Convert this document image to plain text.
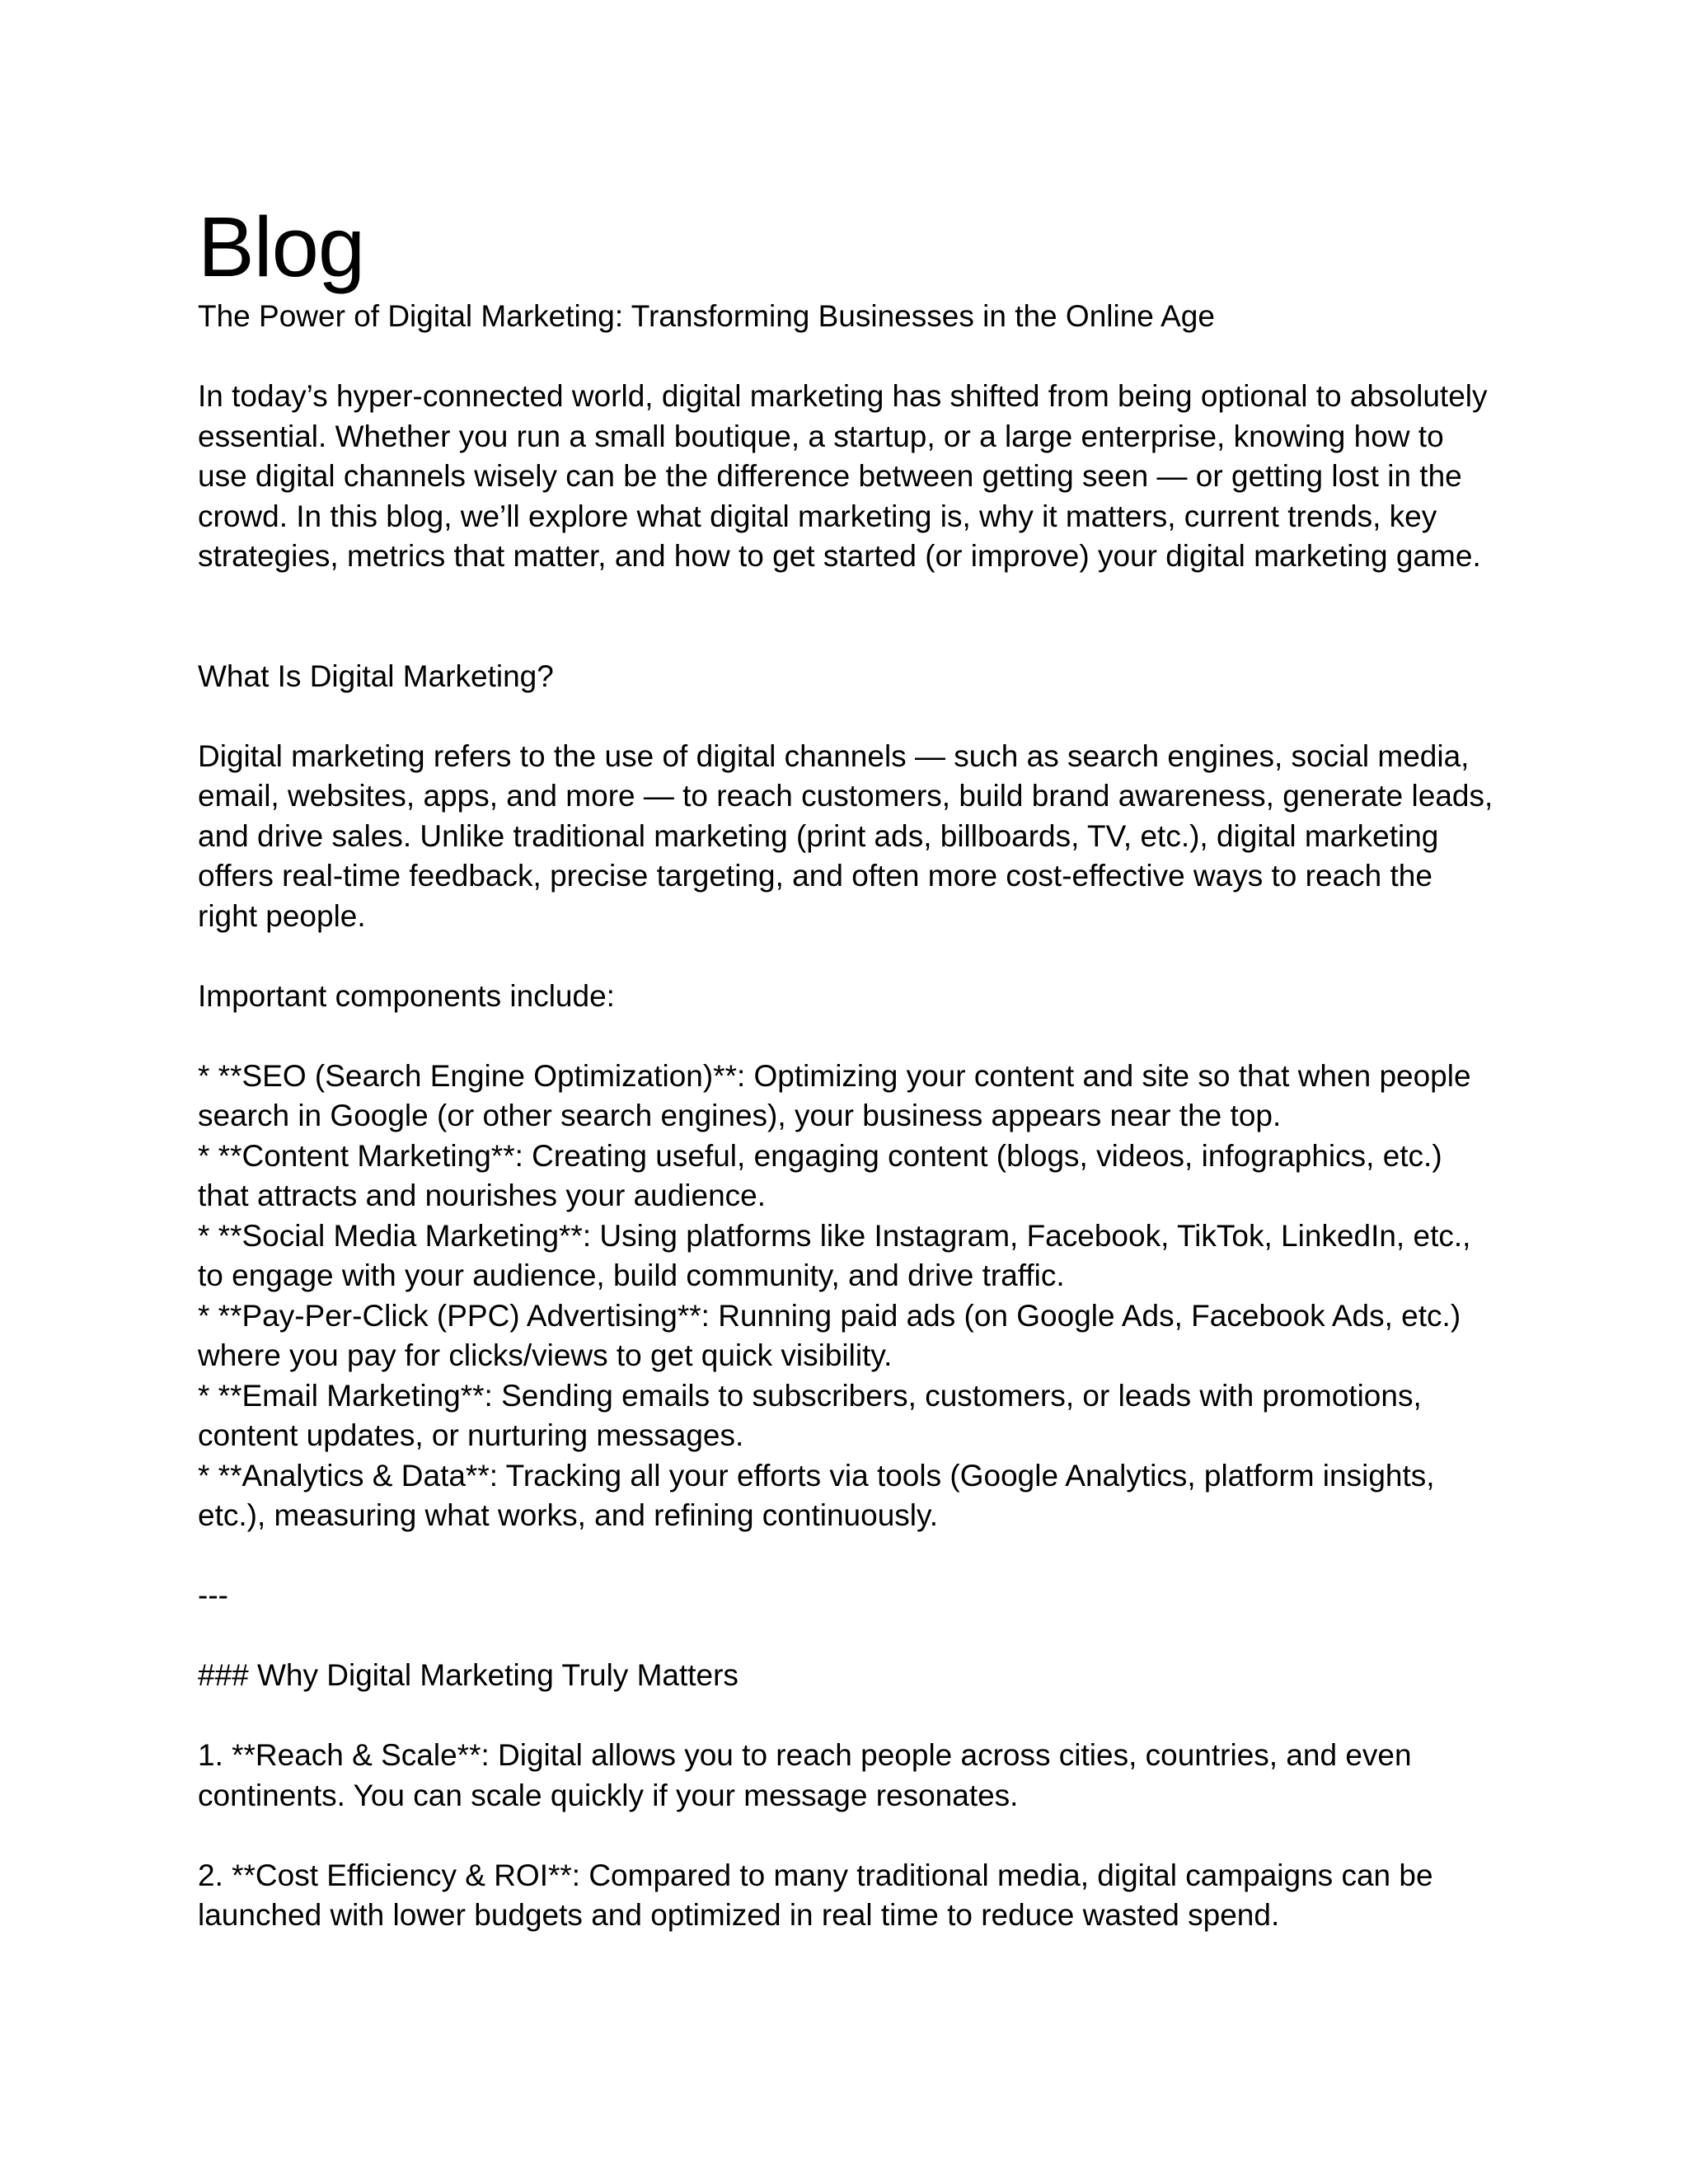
Blog

The Power of Digital Marketing: Transforming Businesses in the Online Age

In today’s hyper‑connected world, digital marketing has shifted from being optional to absolutely

essential. Whether you run a small boutique, a startup, or a large enterprise, knowing how to

use digital channels wisely can be the difference between getting seen — or getting lost in the

crowd. In this blog, we’ll explore what digital marketing is, why it matters, current trends, key

strategies, metrics that matter, and how to get started (or improve) your digital marketing game.

What Is Digital Marketing?

Digital marketing refers to the use of digital channels — such as search engines, social media,

email, websites, apps, and more — to reach customers, build brand awareness, generate leads,

and drive sales. Unlike traditional marketing (print ads, billboards, TV, etc.), digital marketing

offers real‑time feedback, precise targeting, and often more cost‑effective ways to reach the

right people.

Important components include:

* **SEO (Search Engine Optimization)**: Optimizing your content and site so that when people

search in Google (or other search engines), your business appears near the top.

* **Content Marketing**: Creating useful, engaging content (blogs, videos, infographics, etc.)

that attracts and nourishes your audience.

* **Social Media Marketing**: Using platforms like Instagram, Facebook, TikTok, LinkedIn, etc.,

to engage with your audience, build community, and drive traffic.

* **Pay‑Per‑Click (PPC) Advertising**: Running paid ads (on Google Ads, Facebook Ads, etc.)

where you pay for clicks/views to get quick visibility.

* **Email Marketing**: Sending emails to subscribers, customers, or leads with promotions,

content updates, or nurturing messages.

* **Analytics & Data**: Tracking all your efforts via tools (Google Analytics, platform insights,

etc.), measuring what works, and refining continuously.

---

### Why Digital Marketing Truly Matters

1. **Reach & Scale**: Digital allows you to reach people across cities, countries, and even

continents. You can scale quickly if your message resonates.

2. **Cost Efficiency & ROI**: Compared to many traditional media, digital campaigns can be

launched with lower budgets and optimized in real time to reduce wasted spend.
